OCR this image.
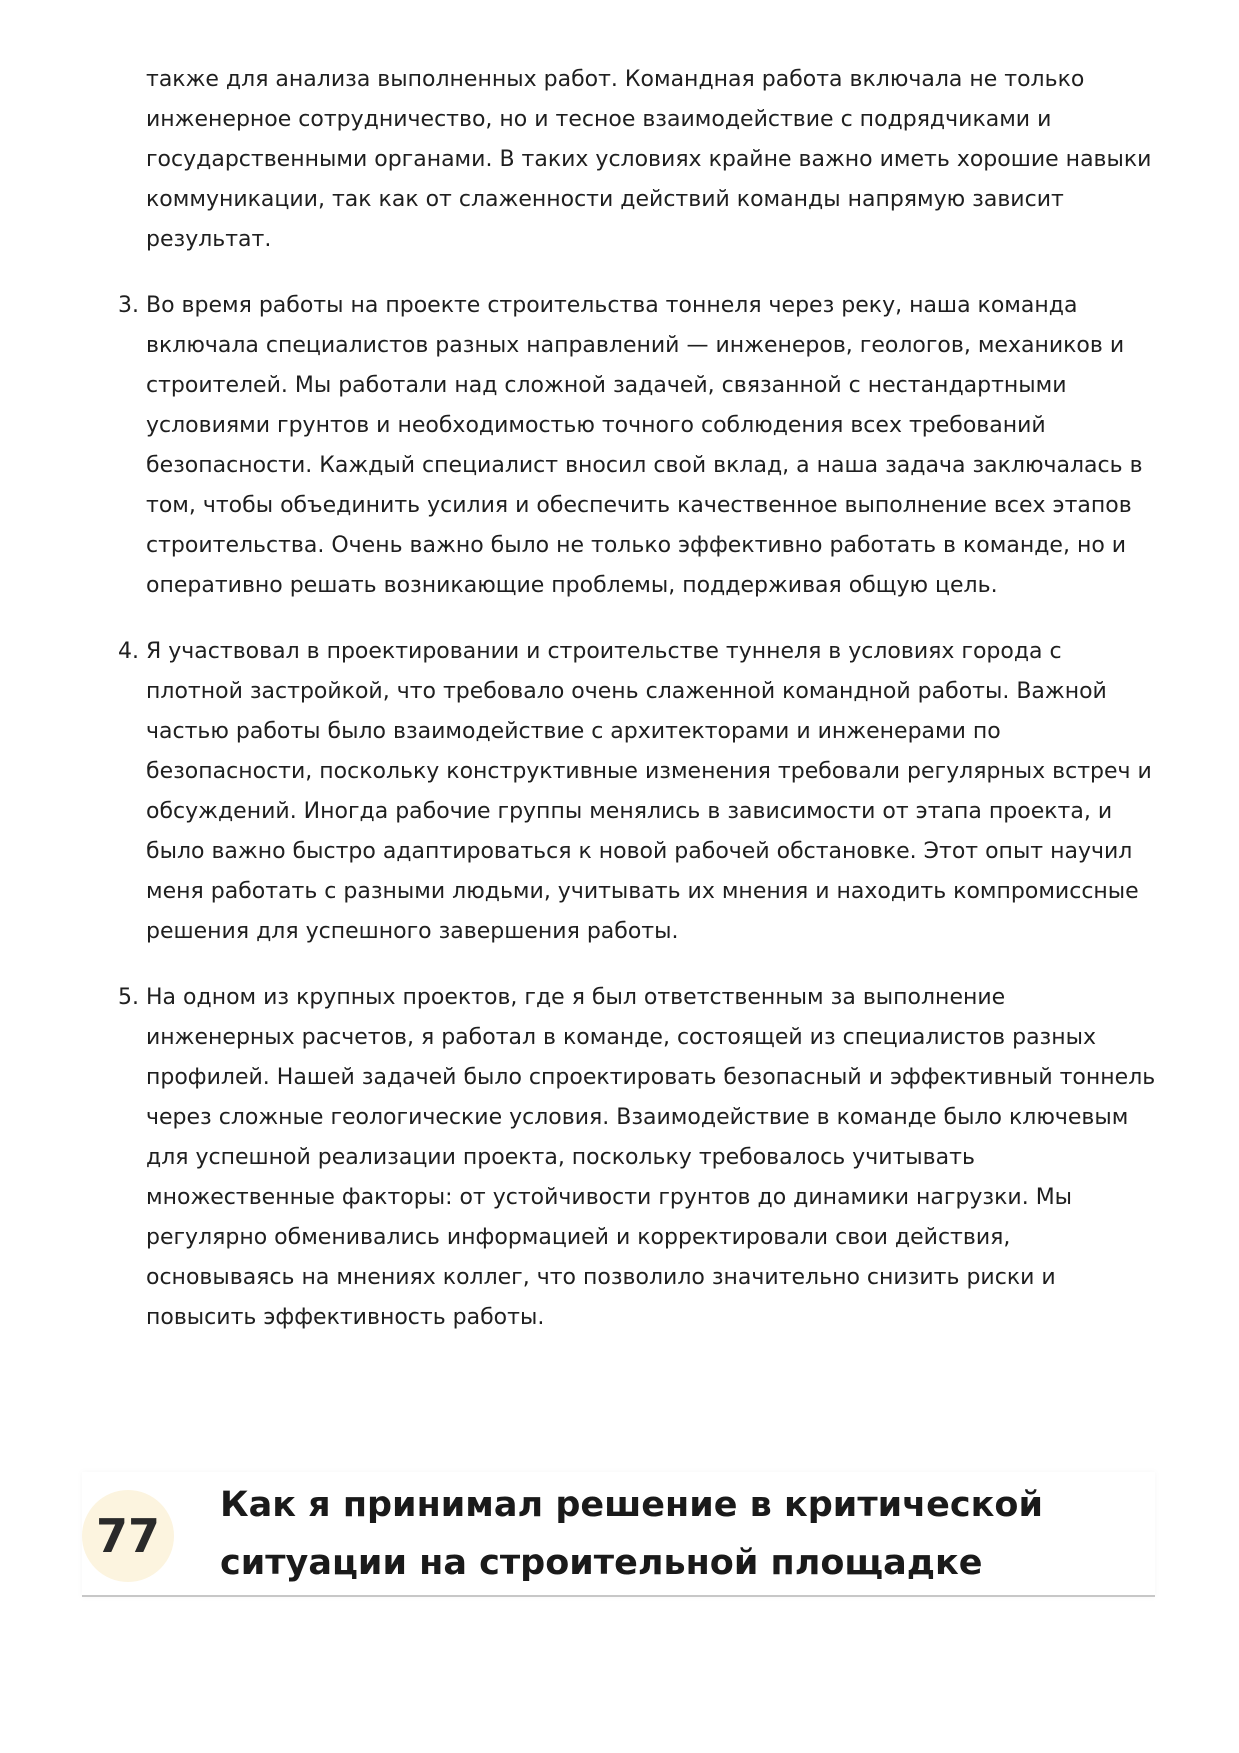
также для анализа выполненных работ. Командная работа включала не только инженерное сотрудничество, но и тесное взаимодействие с подрядчиками и государственными органами. В таких условиях крайне важно иметь хорошие навыки коммуникации, так как от слаженности действий команды напрямую зависит результат.

3. Во время работы на проекте строительства тоннеля через реку, наша команда включала специалистов разных направлений — инженеров, геологов, механиков и строителей. Мы работали над сложной задачей, связанной с нестандартными условиями грунтов и необходимостью точного соблюдения всех требований безопасности. Каждый специалист вносил свой вклад, а наша задача заключалась в том, чтобы объединить усилия и обеспечить качественное выполнение всех этапов строительства. Очень важно было не только эффективно работать в команде, но и оперативно решать возникающие проблемы, поддерживая общую цель.
4. Я участвовал в проектировании и строительстве туннеля в условиях города с плотной застройкой, что требовало очень слаженной командной работы. Важной частью работы было взаимодействие с архитекторами и инженерами по безопасности, поскольку конструктивные изменения требовали регулярных встреч и обсуждений. Иногда рабочие группы менялись в зависимости от этапа проекта, и было важно быстро адаптироваться к новой рабочей обстановке. Этот опыт научил меня работать с разными людьми, учитывать их мнения и находить компромиссные решения для успешного завершения работы.
5. На одном из крупных проектов, где я был ответственным за выполнение инженерных расчетов, я работал в команде, состоящей из специалистов разных профилей. Нашей задачей было спроектировать безопасный и эффективный тоннель через сложные геологические условия. Взаимодействие в команде было ключевым для успешной реализации проекта, поскольку требовалось учитывать множественные факторы: от устойчивости грунтов до динамики нагрузки. Мы регулярно обменивались информацией и корректировали свои действия, основываясь на мнениях коллег, что позволило значительно снизить риски и повысить эффективность работы.
77
Как я принимал решение в критической ситуации на строительной площадке
